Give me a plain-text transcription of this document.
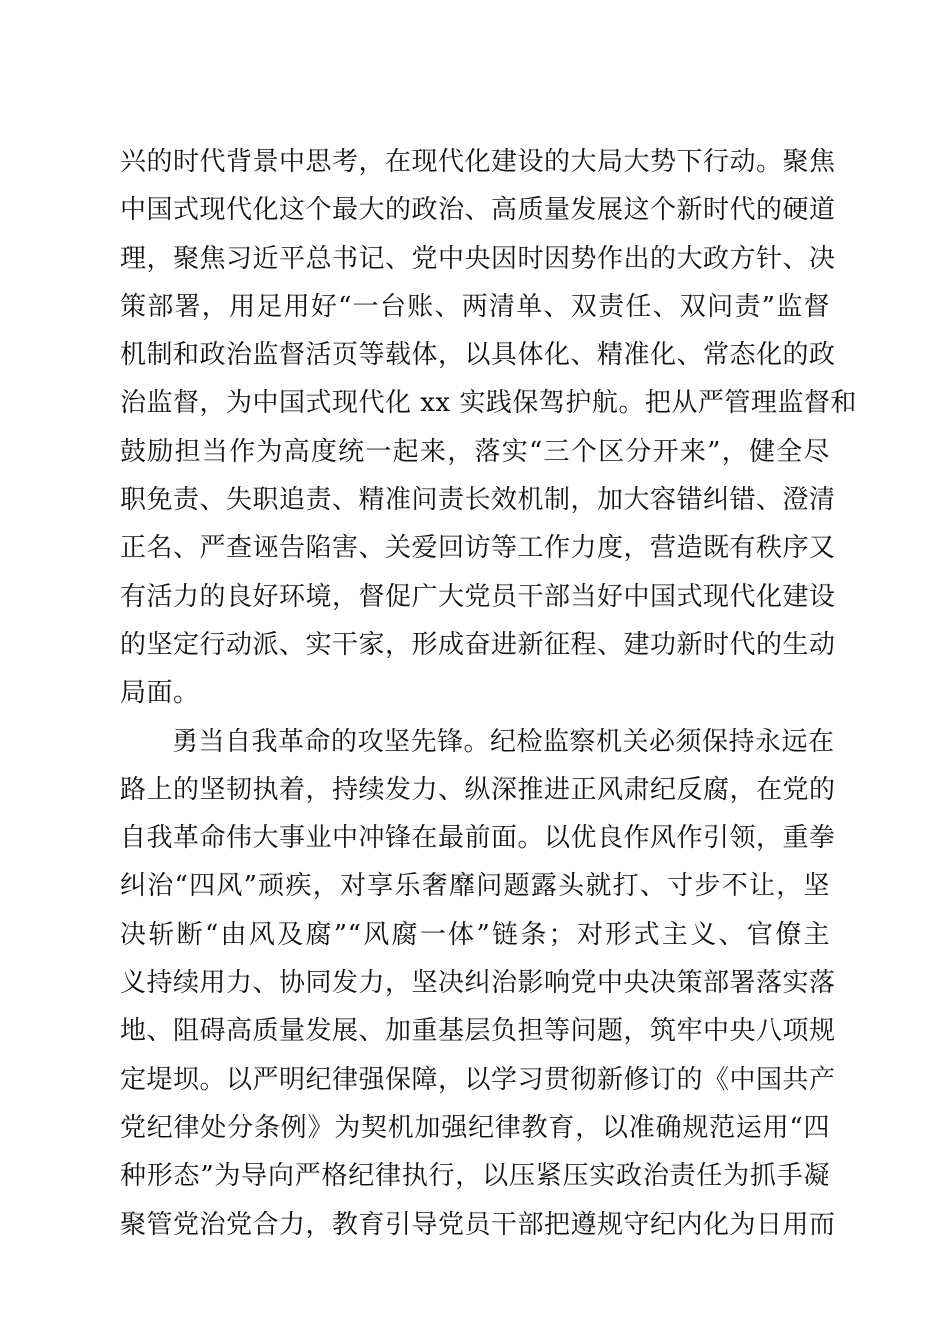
兴的时代背景中思考，在现代化建设的大局大势下行动。聚焦
中国式现代化这个最大的政治、高质量发展这个新时代的硬道
理，聚焦习近平总书记、党中央因时因势作出的大政方针、决
策部署，用足用好“一台账、两清单、双责任、双问责”监督
机制和政治监督活页等载体，以具体化、精准化、常态化的政
治监督，为中国式现代化 xx 实践保驾护航。把从严管理监督和
鼓励担当作为高度统一起来，落实“三个区分开来”，健全尽
职免责、失职追责、精准问责长效机制，加大容错纠错、澄清
正名、严查诬告陷害、关爱回访等工作力度，营造既有秩序又
有活力的良好环境，督促广大党员干部当好中国式现代化建设
的坚定行动派、实干家，形成奋进新征程、建功新时代的生动
局面。
勇当自我革命的攻坚先锋。纪检监察机关必须保持永远在
路上的坚韧执着，持续发力、纵深推进正风肃纪反腐，在党的
自我革命伟大事业中冲锋在最前面。以优良作风作引领，重拳
纠治“四风”顽疾，对享乐奢靡问题露头就打、寸步不让，坚
决斩断“由风及腐”“风腐一体”链条；对形式主义、官僚主
义持续用力、协同发力，坚决纠治影响党中央决策部署落实落
地、阻碍高质量发展、加重基层负担等问题，筑牢中央八项规
定堤坝。以严明纪律强保障，以学习贯彻新修订的《中国共产
党纪律处分条例》为契机加强纪律教育，以准确规范运用“四
种形态”为导向严格纪律执行，以压紧压实政治责任为抓手凝
聚管党治党合力，教育引导党员干部把遵规守纪内化为日用而
